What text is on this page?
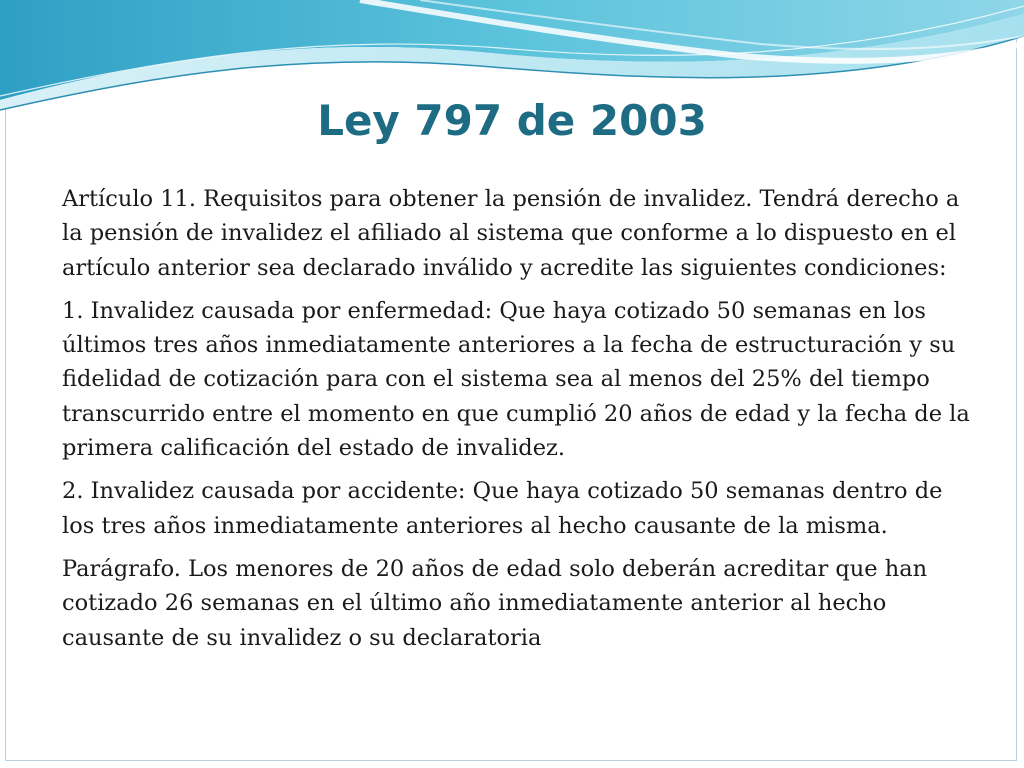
Ley 797 de 2003

Artículo 11. Requisitos para obtener la pensión de invalidez. Tendrá derecho a la pensión de invalidez el afiliado al sistema que conforme a lo dispuesto en el artículo anterior sea declarado inválido y acredite las siguientes condiciones:

1. Invalidez causada por enfermedad: Que haya cotizado 50 semanas en los últimos tres años inmediatamente anteriores a la fecha de estructuración y su fidelidad de cotización para con el sistema sea al menos del 25% del tiempo transcurrido entre el momento en que cumplió 20 años de edad y la fecha de la primera calificación del estado de invalidez.

2. Invalidez causada por accidente: Que haya cotizado 50 semanas dentro de los tres años inmediatamente anteriores al hecho causante de la misma.

Parágrafo. Los menores de 20 años de edad solo deberán acreditar que han cotizado 26 semanas en el último año inmediatamente anterior al hecho causante de su invalidez o su declaratoria
